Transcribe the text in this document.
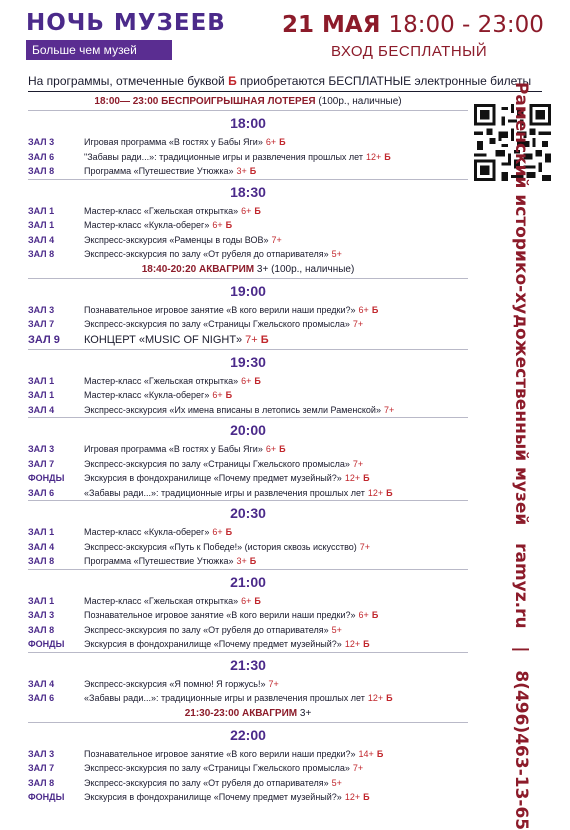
НОЧЬ МУЗЕЕВ
Больше чем музей
21 МАЯ 18:00 - 23:00
ВХОД БЕСПЛАТНЫЙ
На программы, отмеченные буквой Б приобретаются БЕСПЛАТНЫЕ электронные билеты
Раменский историко-художественный музей   ramyz.ru   |   8(496)463-13-65
18:00— 23:00 БЕСПРОИГРЫШНАЯ ЛОТЕРЕЯ (100р., наличные)
18:00
ЗАЛ 3	Игровая программа «В гостях у Бабы Яги» 6+ Б
ЗАЛ 6	"Забавы ради...»: традиционные игры и развлечения прошлых лет 12+ Б
ЗАЛ 8	Программа «Путешествие Утюжка» 3+ Б
18:30
ЗАЛ 1	Мастер-класс «Гжельская открытка» 6+ Б
ЗАЛ 1	Мастер-класс «Кукла-оберег» 6+ Б
ЗАЛ 4	Экспресс-экскурсия «Раменцы в годы ВОВ» 7+
ЗАЛ 8	Экспресс-экскурсия по залу «От рубеля до отпаривателя» 5+
18:40-20:20 АКВАГРИМ 3+ (100р., наличные)
19:00
ЗАЛ 3	Познавательное игровое занятие «В кого верили наши предки?» 6+ Б
ЗАЛ 7	Экспресс-экскурсия по залу «Страницы Гжельского промысла» 7+
ЗАЛ 9	КОНЦЕРТ «MUSIC OF NIGHT» 7+ Б
19:30
ЗАЛ 1	Мастер-класс «Гжельская открытка» 6+ Б
ЗАЛ 1	Мастер-класс «Кукла-оберег» 6+ Б
ЗАЛ 4	Экспресс-экскурсия «Их имена вписаны в летопись земли Раменской» 7+
20:00
ЗАЛ 3	Игровая программа «В гостях у Бабы Яги» 6+ Б
ЗАЛ 7	Экспресс-экскурсия по залу «Страницы Гжельского промысла» 7+
ФОНДЫ	Экскурсия в фондохранилище «Почему предмет музейный?» 12+ Б
ЗАЛ 6	«Забавы ради...»: традиционные игры и развлечения прошлых лет 12+ Б
20:30
ЗАЛ 1	Мастер-класс «Кукла-оберег» 6+ Б
ЗАЛ 4	Экспресс-экскурсия «Путь к Победе!» (история сквозь искусство) 7+
ЗАЛ 8	Программа «Путешествие Утюжка» 3+ Б
21:00
ЗАЛ 1	Мастер-класс «Гжельская открытка» 6+ Б
ЗАЛ 3	Познавательное игровое занятие «В кого верили наши предки?» 6+ Б
ЗАЛ 8	Экспресс-экскурсия по залу «От рубеля до отпаривателя» 5+
ФОНДЫ	Экскурсия в фондохранилище «Почему предмет музейный?» 12+ Б
21:30
ЗАЛ 4	Экспресс-экскурсия «Я помню! Я горжусь!» 7+
ЗАЛ 6	«Забавы ради...»: традиционные игры и развлечения прошлых лет 12+ Б
21:30-23:00 АКВАГРИМ 3+
22:00
ЗАЛ 3	Познавательное игровое занятие «В кого верили наши предки?» 14+ Б
ЗАЛ 7	Экспресс-экскурсия по залу «Страницы Гжельского промысла» 7+
ЗАЛ 8	Экспресс-экскурсия по залу «От рубеля до отпаривателя» 5+
ФОНДЫ	Экскурсия в фондохранилище «Почему предмет музейный?» 12+ Б
